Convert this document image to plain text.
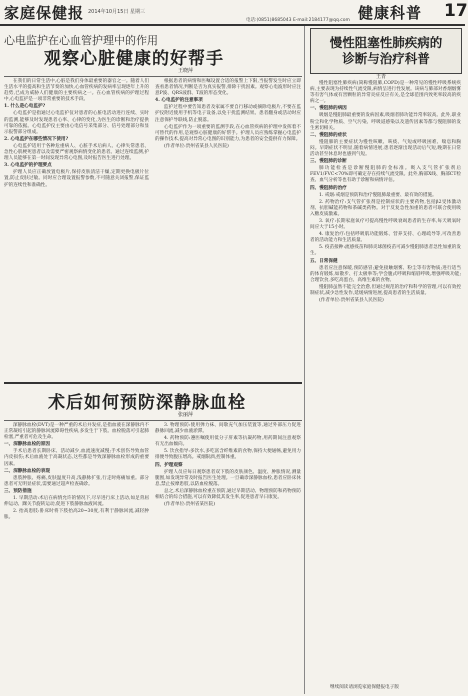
家庭保健报 2014年10月15日 星期三	健康科普 17
电话:(0851)8685043 E-mail:2184177@qq.com
心电监护在心血管护理中的作用
观察心脏健康的好帮手
王晓萍

在我们的日常生活中,心脏是我们身体最重要的器官之一。随着人们生活水平的提高和生活节奏的加快,心血管疾病的发病率呈现逐年上升的趋势,已成为威胁人们健康的主要疾病之一。在心血管疾病的护理过程中,心电监护是一项非常重要的技术手段。

1. 什么是心电监护?

心电监护是指通过心电监护仪对患者的心脏电活动进行连续、实时的监测,能够及时发现患者心率、心律的变化,为医生的诊断和治疗提供可靠的依据。心电监护仪主要由心电信号采集部分、信号处理部分和显示报警部分组成。

2. 心电监护在哪些情况下使用?

心电监护适用于各种危重病人、心脏手术后病人、心律失常患者、急性心肌梗死患者以及需要严密观察病情变化的患者。通过连续监测,护理人员能够在第一时间发现异常心电图,及时报告医生进行处理。

3. 心电监护的护理要点

护理人员应正确放置电极片,保持皮肤清洁干燥,定期更换电极片位置,防止皮肤过敏。同时应合理设置报警参数,不可随意关闭报警,保证监护的连续性和准确性。

根据患者的病情和医嘱设置合适的报警上下限,当报警发生时应立即查看患者情况,判断是否为真实报警,排除干扰因素。观察心电波形时应注意P波、QRS波群、T波的形态变化。

4. 心电监护的注意事项

监护过程中要告知患者及家属不要自行移动或摘除电极片,不要在监护仪附近使用手机等电子设备,以免干扰监测结果。患者翻身或活动时应注意保护导联线,防止脱落。

心电监护作为一项重要的监测手段,在心血管疾病的护理中发挥着不可替代的作用,是观察心脏健康的好帮手。护理人员应熟练掌握心电监护的操作技术,提高对异常心电图的识别能力,为患者的安全提供有力保障。

(作者单位:贵州省某县人民医院)

术后如何预防深静脉血栓
张丽萍

深静脉血栓(DVT)是一种严重的术后并发症,是指血液在深静脉内不正常凝结引起的静脉回流障碍性疾病,多发生于下肢。血栓脱落可引起肺栓塞,严重者可危及生命。

一、深静脉血栓的原因

手术后患者长期卧床、活动减少,血流速度减慢;手术创伤导致血管内皮损伤;术后血液处于高凝状态,这些都是导致深静脉血栓形成的重要因素。

二、深静脉血栓的表现

患肢肿胀、疼痛,皮肤温度升高,浅静脉扩张,行走时疼痛加重。部分患者可无明显症状,需要通过超声检查确诊。

三、预防措施

1. 早期活动:术后在病情允许的情况下,尽早进行床上活动,如足背屈伸运动、踝关节旋转运动,促进下肢静脉血液回流。

2. 抬高患肢:卧床时将下肢抬高20~30度,有利于静脉回流,减轻肿胀。

3. 物理预防:使用弹力袜、间歇充气加压装置等,通过外部压力促进静脉回流,减少血液淤滞。

4. 药物预防:遵医嘱使用低分子肝素等抗凝药物,用药期间注意观察有无出血倾向。

5. 饮食指导:多饮水,多吃富含纤维素的食物,保持大便通畅,避免用力排便导致腹压增高。戒烟限酒,控制体重。

四、护理观察

护理人员应每日观察患者双下肢的皮肤颜色、温度、肿胀情况,测量腿围,如发现异常及时报告医生处理。一旦确诊深静脉血栓,患者应卧床休息,禁止按摩患肢,以防血栓脱落。

总之,术后深静脉血栓重在预防,通过早期活动、物理预防和药物预防相结合的综合措施,可以有效降低其发生率,促进患者早日康复。

(作者单位:贵州省某医院)

慢性阻塞性肺疾病的
诊断与治疗科普
王青

慢性阻塞性肺疾病(简称慢阻肺,COPD)是一种常见的慢性呼吸系统疾病,主要表现为持续性气流受限,病情呈进行性发展。该病与肺部对香烟烟雾等有害气体或有害颗粒的异常炎症反应有关,是全球范围内致死率较高的疾病之一。

一、慢阻肺的病因

吸烟是慢阻肺最重要的发病因素,吸烟者肺功能异常率较高。此外,职业粉尘和化学物质、空气污染、呼吸道感染以及遗传因素等都与慢阻肺的发生密切相关。

二、慢阻肺的症状

慢阻肺的主要症状为慢性咳嗽、咳痰、气短或呼吸困难、喘息和胸闷。早期症状不明显,随着病情进展,患者逐渐出现活动后气短,晚期在日常活动甚至休息时也感到气短。

三、慢阻肺的诊断

肺功能检查是诊断慢阻肺的金标准。吸入支气管扩张剂后FEV1/FVC<70%即可确定存在持续气流受限。此外,胸部X线、胸部CT检查、血气分析等也有助于诊断和病情评估。

四、慢阻肺的治疗

1. 戒烟:戒烟是预防和治疗慢阻肺最重要、最有效的措施。

2. 药物治疗:支气管扩张剂是控制症状的主要药物,包括β2受体激动剂、抗胆碱能药物和茶碱类药物。对于反复急性加重的患者可联合使用吸入糖皮质激素。

3. 氧疗:长期家庭氧疗可提高慢性呼吸衰竭患者的生存率,每天吸氧时间应大于15小时。

4. 康复治疗:包括呼吸肌功能锻炼、营养支持、心理疏导等,可改善患者的活动能力和生活质量。

5. 疫苗接种:流感疫苗和肺炎球菌疫苗可减少慢阻肺患者急性加重的发生。

五、日常保健

患者应注意保暖,预防感冒;避免接触烟雾、粉尘等有害物质;进行适当的体育锻炼,如散步、打太极拳等;学会腹式呼吸和缩唇呼吸,增强呼吸功能;合理饮食,多吃高蛋白、高维生素的食物。

慢阻肺虽然不能完全治愈,但通过规范的治疗和科学的管理,可以有效控制症状,减少急性发作,延缓病情进展,提高患者的生活质量。

(作者单位:贵州省某县人民医院)

继续阅读请浏览家庭保健报电子版
